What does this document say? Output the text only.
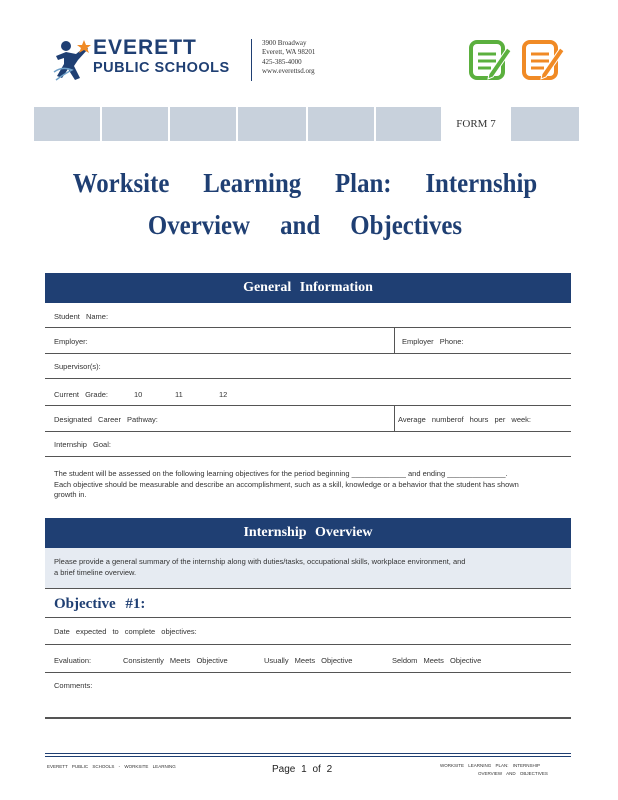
EVERETT
PUBLIC SCHOOLS
3900 Broadway
Everett, WA 98201
425-385-4000
www.everettsd.org
FORM 7
Worksite Learning Plan: Internship
Overview and Objectives
General Information
Student Name:
Employer:	Employer Phone:
Supervisor(s):
Current Grade:	10	11	12
Designated Career Pathway:	Average numberof hours per week:
Internship Goal:
The student will be assessed on the following learning objectives for the period beginning _____________ and ending ______________.
Each objective should be measurable and describe an accomplishment, such as a skill, knowledge or a behavior that the student has shown
growth in.
Internship Overview
Please provide a general summary of the internship along with duties/tasks, occupational skills, workplace environment, and
a brief timeline overview.
Objective #1:
Date expected to complete objectives:
Evaluation:	Consistently Meets Objective	Usually Meets Objective	Seldom Meets Objective
Comments:
EVERETT PUBLIC SCHOOLS - WORKSITE LEARNING	Page 1 of 2	WORKSITE LEARNING PLAN: INTERNSHIP
OVERVIEW AND OBJECTIVES
